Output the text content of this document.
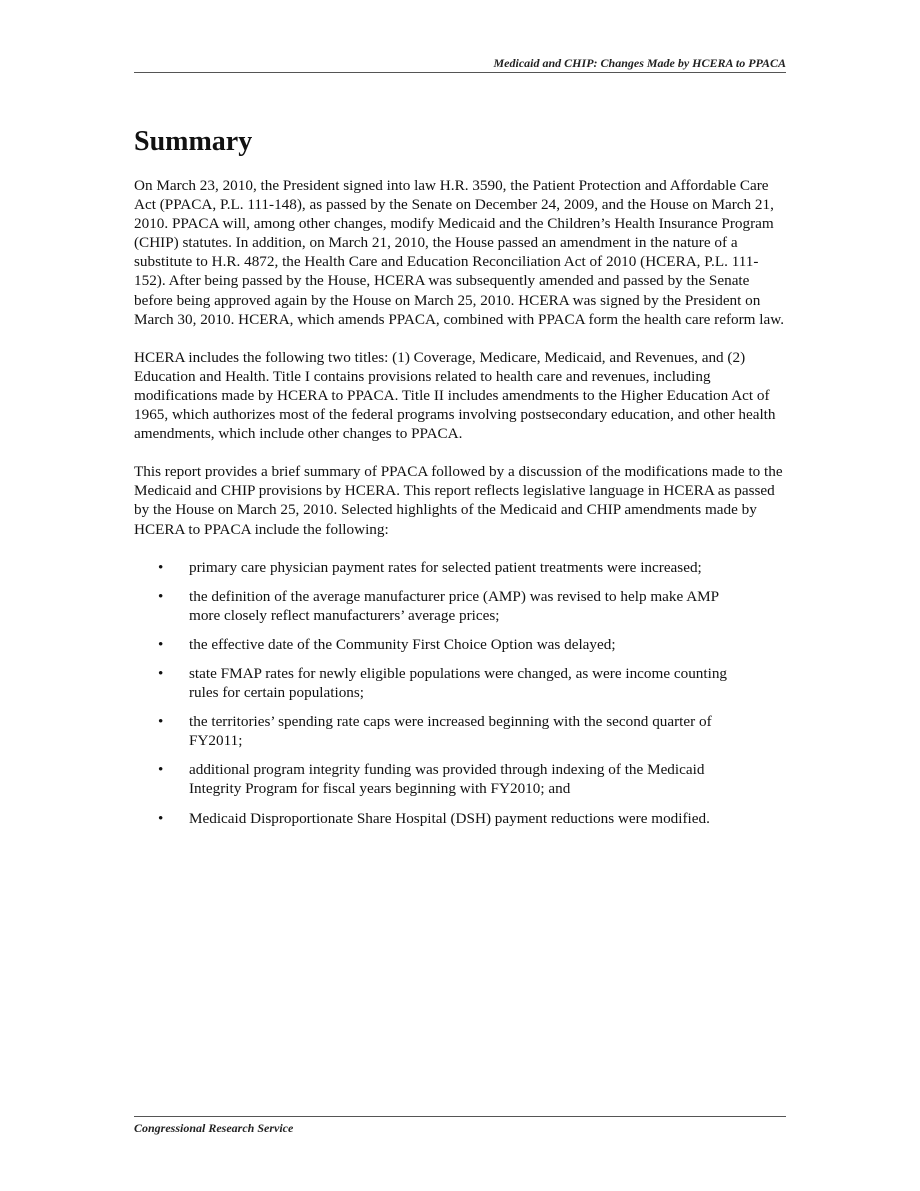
Medicaid and CHIP: Changes Made by HCERA to PPACA
Summary

On March 23, 2010, the President signed into law H.R. 3590, the Patient Protection and Affordable Care Act (PPACA, P.L. 111-148), as passed by the Senate on December 24, 2009, and the House on March 21, 2010. PPACA will, among other changes, modify Medicaid and the Children’s Health Insurance Program (CHIP) statutes. In addition, on March 21, 2010, the House passed an amendment in the nature of a substitute to H.R. 4872, the Health Care and Education Reconciliation Act of 2010 (HCERA, P.L. 111-152). After being passed by the House, HCERA was subsequently amended and passed by the Senate before being approved again by the House on March 25, 2010. HCERA was signed by the President on March 30, 2010. HCERA, which amends PPACA, combined with PPACA form the health care reform law.

HCERA includes the following two titles: (1) Coverage, Medicare, Medicaid, and Revenues, and (2) Education and Health. Title I contains provisions related to health care and revenues, including modifications made by HCERA to PPACA. Title II includes amendments to the Higher Education Act of 1965, which authorizes most of the federal programs involving postsecondary education, and other health amendments, which include other changes to PPACA.

This report provides a brief summary of PPACA followed by a discussion of the modifications made to the Medicaid and CHIP provisions by HCERA. This report reflects legislative language in HCERA as passed by the House on March 25, 2010. Selected highlights of the Medicaid and CHIP amendments made by HCERA to PPACA include the following:

• primary care physician payment rates for selected patient treatments were increased;
• the definition of the average manufacturer price (AMP) was revised to help make AMP more closely reflect manufacturers’ average prices;
• the effective date of the Community First Choice Option was delayed;
• state FMAP rates for newly eligible populations were changed, as were income counting rules for certain populations;
• the territories’ spending rate caps were increased beginning with the second quarter of FY2011;
• additional program integrity funding was provided through indexing of the Medicaid Integrity Program for fiscal years beginning with FY2010; and
• Medicaid Disproportionate Share Hospital (DSH) payment reductions were modified.
Congressional Research Service
